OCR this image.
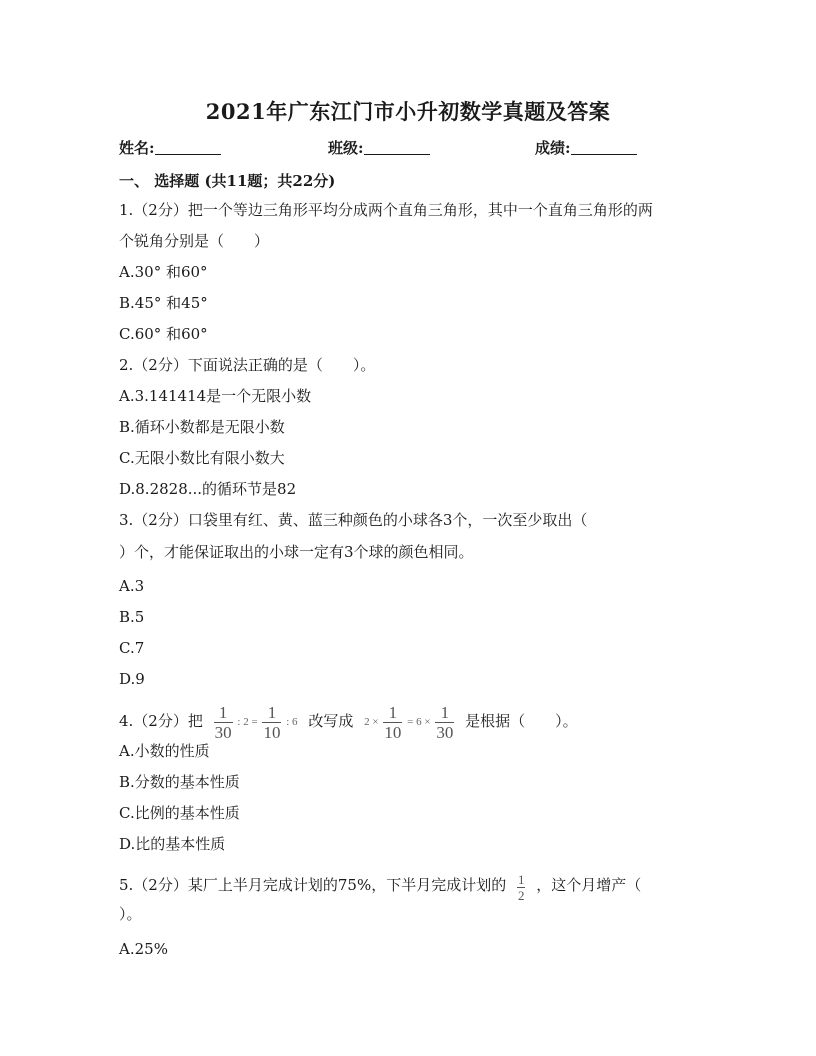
2021年广东江门市小升初数学真题及答案
姓名:	班级:	成绩:
一、 选择题 (共11题；共22分)
1.（2分）把一个等边三角形平均分成两个直角三角形，其中一个直角三角形的两
个锐角分别是（　　）
A.30° 和60°
B.45° 和45°
C.60° 和60°
2.（2分）下面说法正确的是（　　）。
A.3.141414是一个无限小数
B.循环小数都是无限小数
C.无限小数比有限小数大
D.8.2828...的循环节是82
3.（2分）口袋里有红、黄、蓝三种颜色的小球各3个，一次至少取出（
）个，才能保证取出的小球一定有3个球的颜色相同。
A.3
B.5
C.7
D.9
4.（2分）把 $\frac{1}{30}$ : $2 = \frac{1}{10}$ : 6 改写成 $2 \times \frac{1}{10} = 6 \times \frac{1}{30}$ 是根据（　　）。
A.小数的性质
B.分数的基本性质
C.比例的基本性质
D.比的基本性质
5.（2分）某厂上半月完成计划的75%，下半月完成计划的 $\frac{1}{2}$ ，这个月增产（
）。
A.25%
